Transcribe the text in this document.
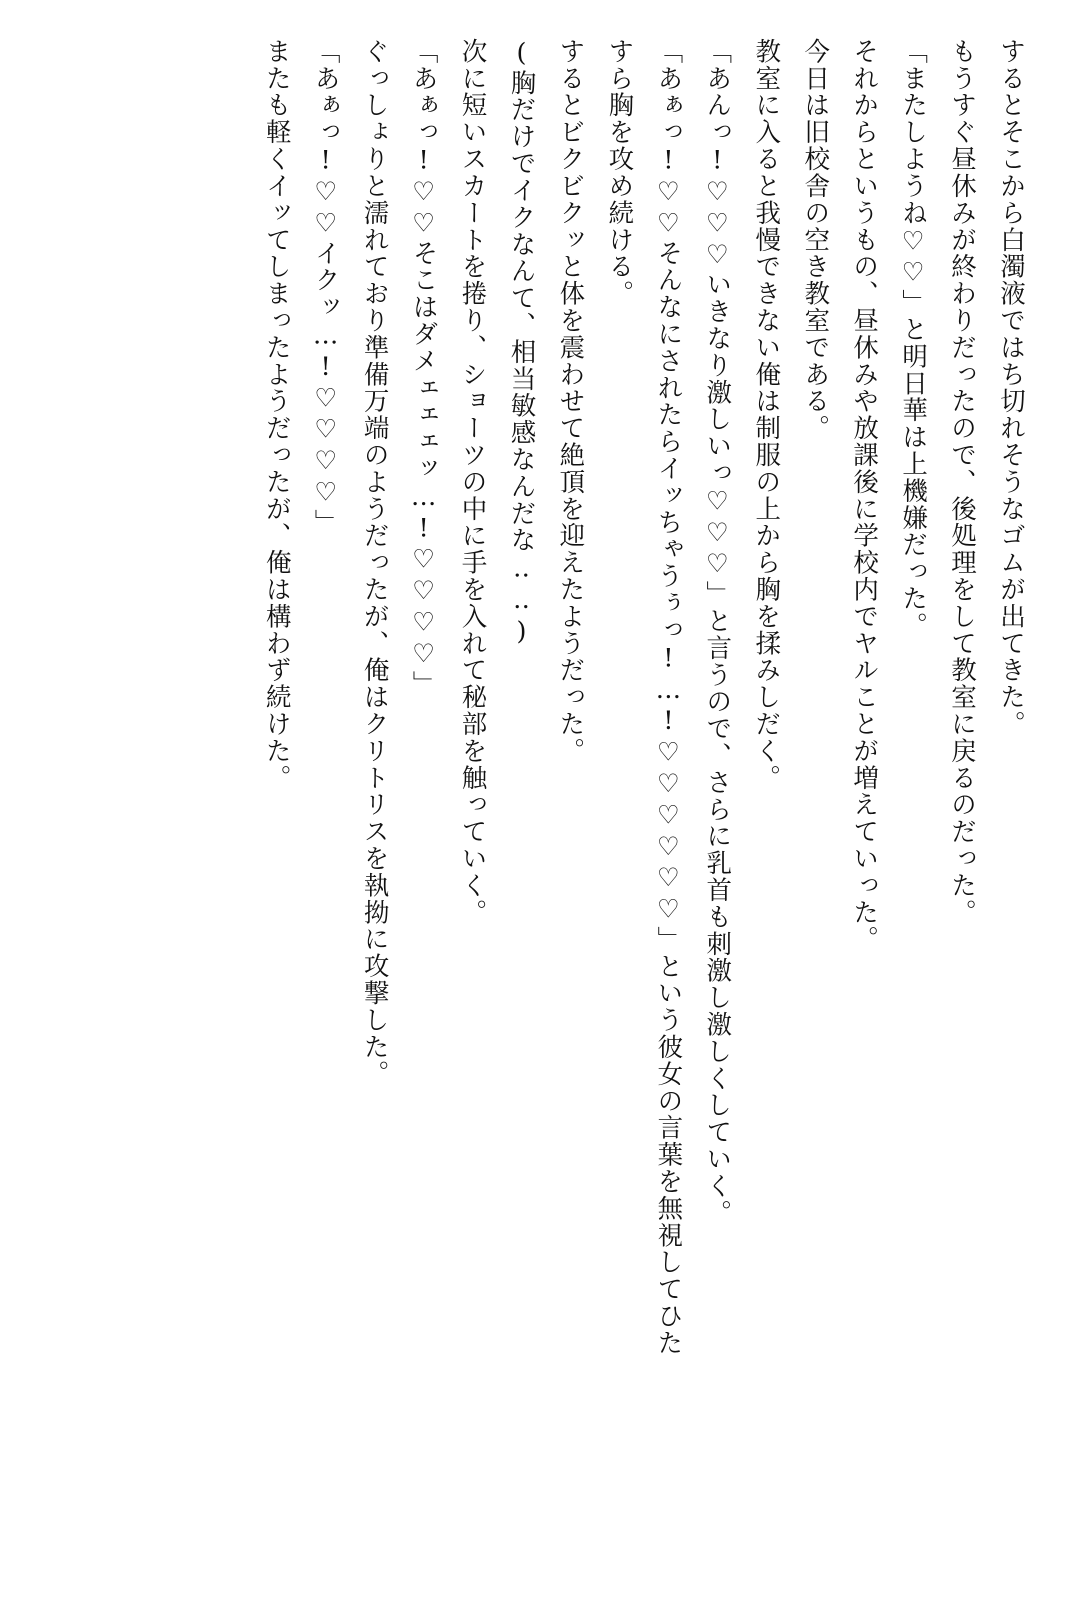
するとそこから白濁液ではち切れそうなゴムが出てきた。

もうすぐ昼休みが終わりだったので、後処理をして教室に戻るのだった。

「またしようね♡♡」と明日華は上機嫌だった。

それからというもの、昼休みや放課後に学校内でヤルことが増えていった。

今日は旧校舎の空き教室である。

教室に入ると我慢できない俺は制服の上から胸を揉みしだく。

「あんっ!♡♡♡いきなり激しいっ♡♡♡」と言うので、さらに乳首も刺激し激しくしていく。

「あぁっ!♡♡そんなにされたらイッちゃうぅっ!…!♡♡♡♡♡♡」という彼女の言葉を無視してひた

すら胸を攻め続ける。

するとビクビクッと体を震わせて絶頂を迎えたようだった。

(胸だけでイクなんて、相当敏感なんだな‥‥)

次に短いスカートを捲り、ショーツの中に手を入れて秘部を触っていく。

「あぁっ!♡♡そこはダメェェェッ…!♡♡♡♡」

ぐっしょりと濡れており準備万端のようだったが、俺はクリトリスを執拗に攻撃した。

「あぁっ!♡♡イクッ…!♡♡♡♡」

またも軽くイッてしまったようだったが、俺は構わず続けた。
